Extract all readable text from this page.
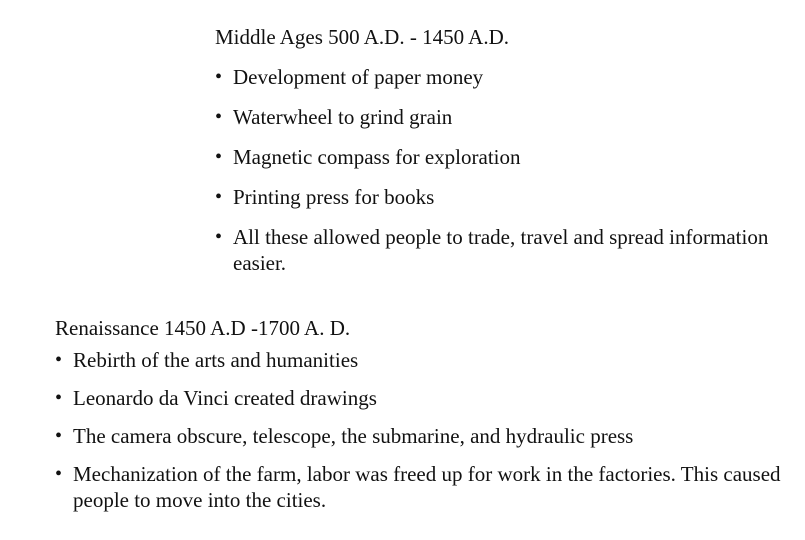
Middle Ages 500 A.D. - 1450 A.D.
• Development of paper money
• Waterwheel to grind grain
• Magnetic compass for exploration
• Printing press for books
• All these allowed people to trade, travel and spread information easier.
Renaissance 1450 A.D -1700 A. D.
• Rebirth of the arts and humanities
• Leonardo da Vinci created drawings
• The camera obscure, telescope, the submarine, and hydraulic press
• Mechanization of the farm, labor was freed up for work in the factories. This caused people to move into the cities.
